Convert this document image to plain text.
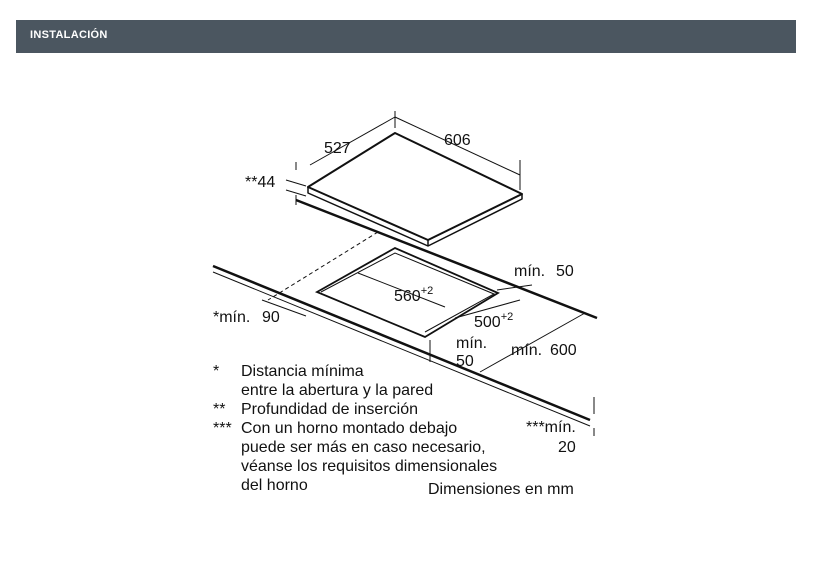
INSTALACIÓN
527	606
**44
mín. 50
$560^{+2}$
$500^{+2}$
*mín. 90
mín.
50
mín. 600
***mín.
20
*	Distancia mínima
entre la abertura y la pared
** Profundidad de inserción
*** Con un horno montado debajo
puede ser más en caso necesario,
véanse los requisitos dimensionales
del horno	Dimensiones en mm
